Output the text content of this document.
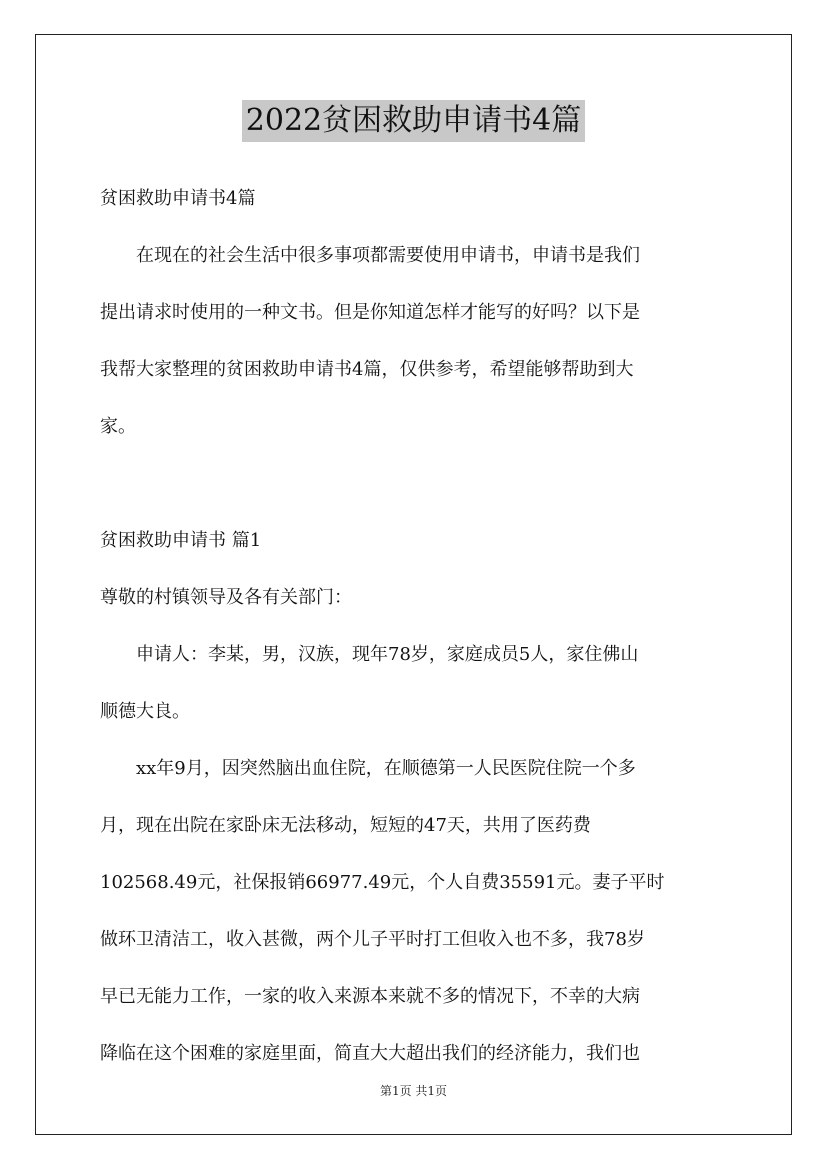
2022贫困救助申请书4篇

贫困救助申请书4篇

在现在的社会生活中很多事项都需要使用申请书，申请书是我们

提出请求时使用的一种文书。但是你知道怎样才能写的好吗？以下是

我帮大家整理的贫困救助申请书4篇，仅供参考，希望能够帮助到大

家。

贫困救助申请书 篇1

尊敬的村镇领导及各有关部门：

申请人：李某，男，汉族，现年78岁，家庭成员5人，家住佛山

顺德大良。

xx年9月，因突然脑出血住院，在顺德第一人民医院住院一个多

月，现在出院在家卧床无法移动，短短的47天，共用了医药费

102568.49元，社保报销66977.49元，个人自费35591元。妻子平时

做环卫清洁工，收入甚微，两个儿子平时打工但收入也不多，我78岁

早已无能力工作，一家的收入来源本来就不多的情况下，不幸的大病

降临在这个困难的家庭里面，简直大大超出我们的经济能力，我们也

第1页 共1页
